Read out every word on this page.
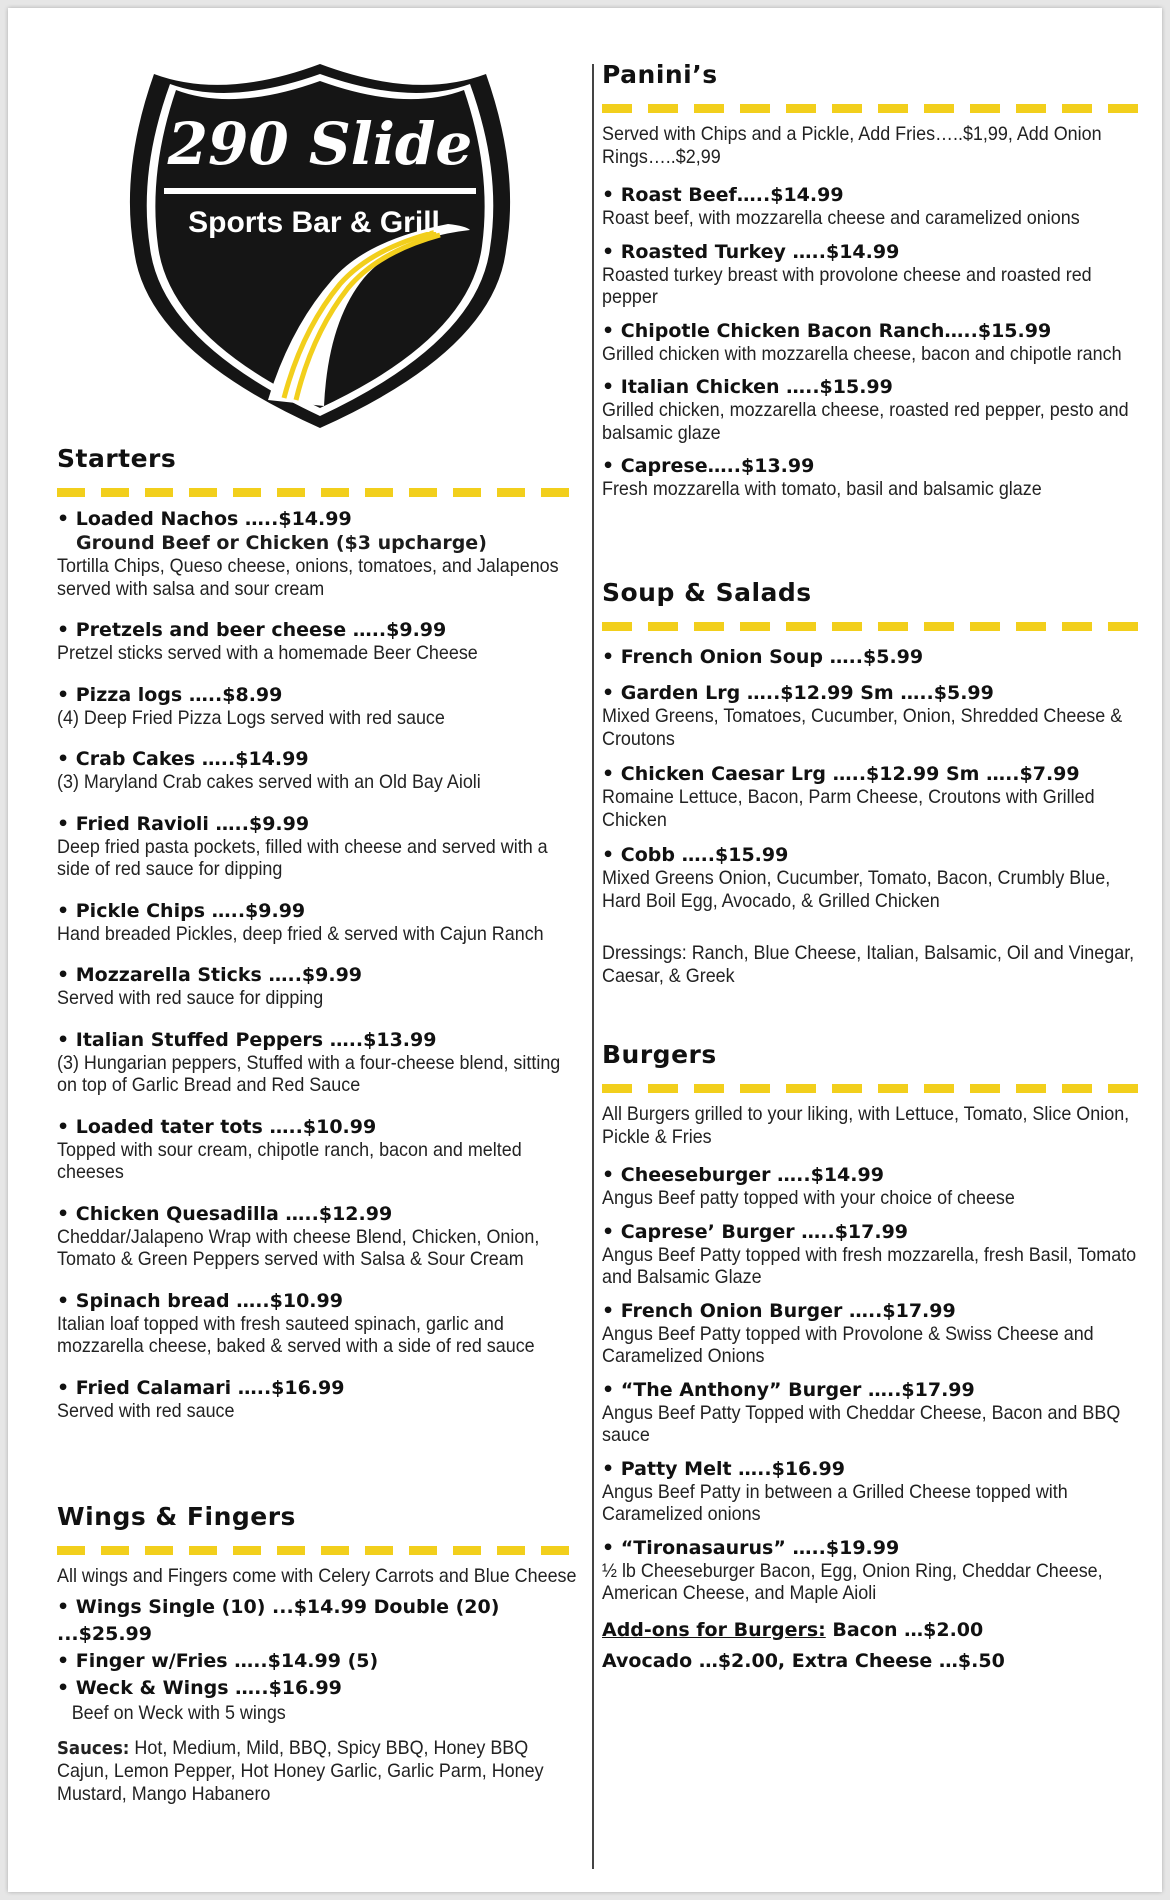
290 Slide
Sports Bar & Grill
Starters
• Loaded Nachos …..$14.99
Ground Beef or Chicken ($3 upcharge)
Tortilla Chips, Queso cheese, onions, tomatoes, and Jalapenos served with salsa and sour cream
• Pretzels and beer cheese …..$9.99
Pretzel sticks served with a homemade Beer Cheese
• Pizza logs …..$8.99
(4) Deep Fried Pizza Logs served with red sauce
• Crab Cakes …..$14.99
(3) Maryland Crab cakes served with an Old Bay Aioli
• Fried Ravioli …..$9.99
Deep fried pasta pockets, filled with cheese and served with a side of red sauce for dipping
• Pickle Chips …..$9.99
Hand breaded Pickles, deep fried & served with Cajun Ranch
• Mozzarella Sticks …..$9.99
Served with red sauce for dipping
• Italian Stuffed Peppers …..$13.99
(3) Hungarian peppers, Stuffed with a four-cheese blend, sitting on top of Garlic Bread and Red Sauce
• Loaded tater tots …..$10.99
Topped with sour cream, chipotle ranch, bacon and melted cheeses
• Chicken Quesadilla …..$12.99
Cheddar/Jalapeno Wrap with cheese Blend, Chicken, Onion, Tomato & Green Peppers served with Salsa & Sour Cream
• Spinach bread …..$10.99
Italian loaf topped with fresh sauteed spinach, garlic and mozzarella cheese, baked & served with a side of red sauce
• Fried Calamari …..$16.99
Served with red sauce
Wings & Fingers
All wings and Fingers come with Celery Carrots and Blue Cheese
• Wings Single (10) ...$14.99 Double (20) ...$25.99
• Finger w/Fries …..$14.99 (5)
• Weck & Wings …..$16.99
Beef on Weck with 5 wings
Sauces: Hot, Medium, Mild, BBQ, Spicy BBQ, Honey BBQ Cajun, Lemon Pepper, Hot Honey Garlic, Garlic Parm, Honey Mustard, Mango Habanero
Panini’s
Served with Chips and a Pickle, Add Fries…..$1,99, Add Onion Rings…..$2,99
• Roast Beef…..$14.99
Roast beef, with mozzarella cheese and caramelized onions
• Roasted Turkey …..$14.99
Roasted turkey breast with provolone cheese and roasted red pepper
• Chipotle Chicken Bacon Ranch…..$15.99
Grilled chicken with mozzarella cheese, bacon and chipotle ranch
• Italian Chicken …..$15.99
Grilled chicken, mozzarella cheese, roasted red pepper, pesto and balsamic glaze
• Caprese…..$13.99
Fresh mozzarella with tomato, basil and balsamic glaze
Soup & Salads
• French Onion Soup …..$5.99
• Garden Lrg …..$12.99 Sm …..$5.99
Mixed Greens, Tomatoes, Cucumber, Onion, Shredded Cheese & Croutons
• Chicken Caesar Lrg …..$12.99 Sm …..$7.99
Romaine Lettuce, Bacon, Parm Cheese, Croutons with Grilled Chicken
• Cobb …..$15.99
Mixed Greens Onion, Cucumber, Tomato, Bacon, Crumbly Blue, Hard Boil Egg, Avocado, & Grilled Chicken
Dressings: Ranch, Blue Cheese, Italian, Balsamic, Oil and Vinegar, Caesar, & Greek
Burgers
All Burgers grilled to your liking, with Lettuce, Tomato, Slice Onion, Pickle & Fries
• Cheeseburger …..$14.99
Angus Beef patty topped with your choice of cheese
• Caprese’ Burger …..$17.99
Angus Beef Patty topped with fresh mozzarella, fresh Basil, Tomato and Balsamic Glaze
• French Onion Burger …..$17.99
Angus Beef Patty topped with Provolone & Swiss Cheese and Caramelized Onions
• “The Anthony” Burger …..$17.99
Angus Beef Patty Topped with Cheddar Cheese, Bacon and BBQ sauce
• Patty Melt …..$16.99
Angus Beef Patty in between a Grilled Cheese topped with Caramelized onions
• “Tironasaurus” …..$19.99
½ lb Cheeseburger Bacon, Egg, Onion Ring, Cheddar Cheese, American Cheese, and Maple Aioli
Add-ons for Burgers: Bacon …$2.00
Avocado …$2.00, Extra Cheese …$.50
